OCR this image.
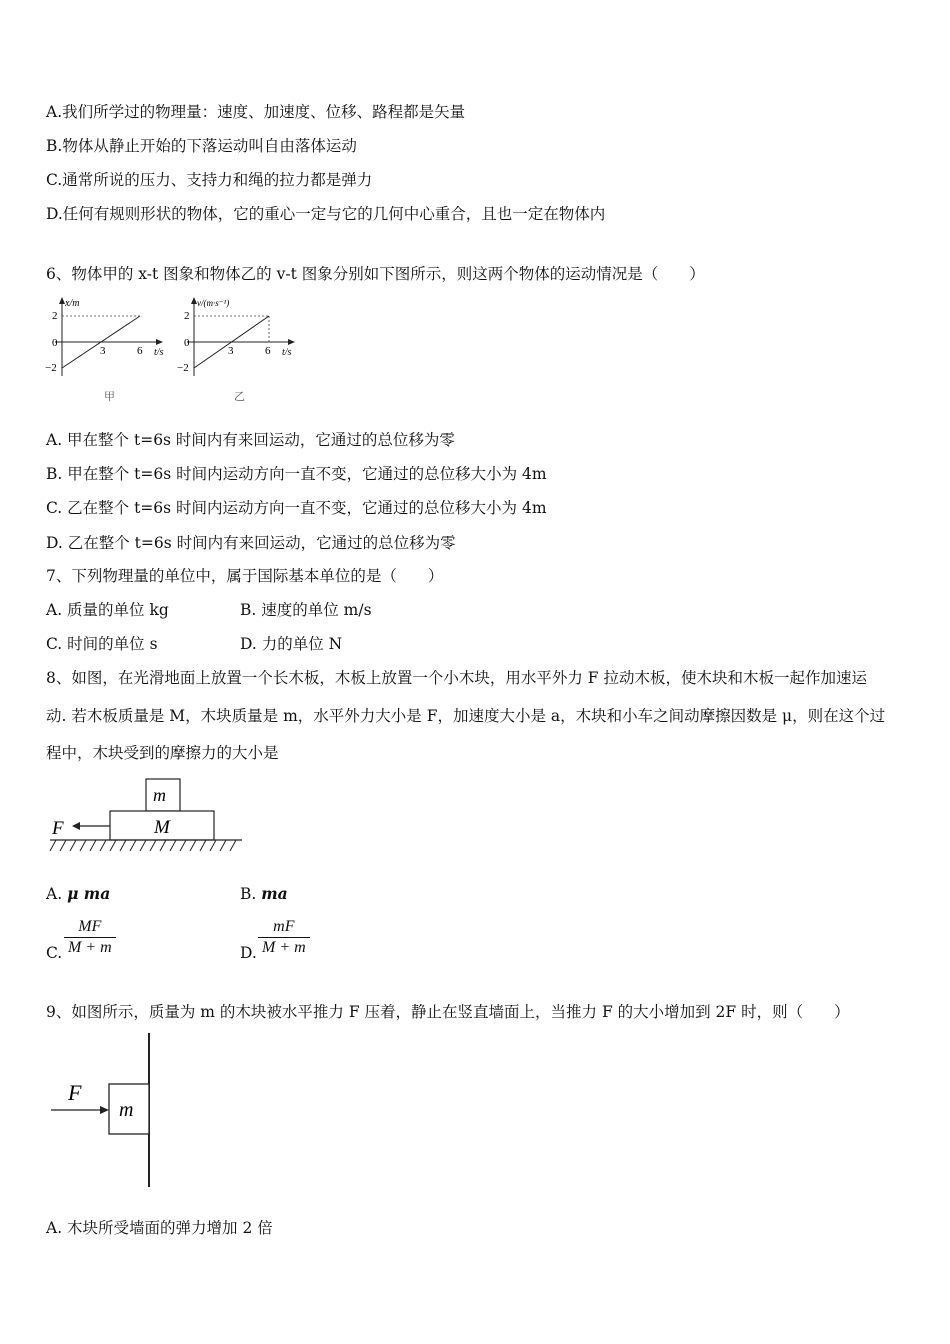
A.我们所学过的物理量：速度、加速度、位移、路程都是矢量
B.物体从静止开始的下落运动叫自由落体运动
C.通常所说的压力、支持力和绳的拉力都是弹力
D.任何有规则形状的物体，它的重心一定与它的几何中心重合，且也一定在物体内
6、物体甲的 x-t 图象和物体乙的 v-t 图象分别如下图所示，则这两个物体的运动情况是（　　）
x/m
t/s
2
0
−2
3	6
甲
v/(m·s⁻¹)
t/s
2
0
−2
3	6
乙
A. 甲在整个 t=6s 时间内有来回运动，它通过的总位移为零
B. 甲在整个 t=6s 时间内运动方向一直不变，它通过的总位移大小为 4m
C. 乙在整个 t=6s 时间内运动方向一直不变，它通过的总位移大小为 4m
D. 乙在整个 t=6s 时间内有来回运动，它通过的总位移为零
7、下列物理量的单位中，属于国际基本单位的是（　　）
A. 质量的单位 kg	B. 速度的单位 m/s
C. 时间的单位 s	D. 力的单位 N
8、如图，在光滑地面上放置一个长木板，木板上放置一个小木块，用水平外力 F 拉动木板，使木块和木板一起作加速运
动. 若木板质量是 M，木块质量是 m，水平外力大小是 F，加速度大小是 a，木块和小车之间动摩擦因数是 μ，则在这个过
程中，木块受到的摩擦力的大小是
m
M
F
A. μ ma	B. ma
C.
MF
M + m	D.
mF
M + m
9、如图所示，质量为 m 的木块被水平推力 F 压着，静止在竖直墙面上，当推力 F 的大小增加到 2F 时，则（　　）
m
F
A. 木块所受墙面的弹力增加 2 倍
